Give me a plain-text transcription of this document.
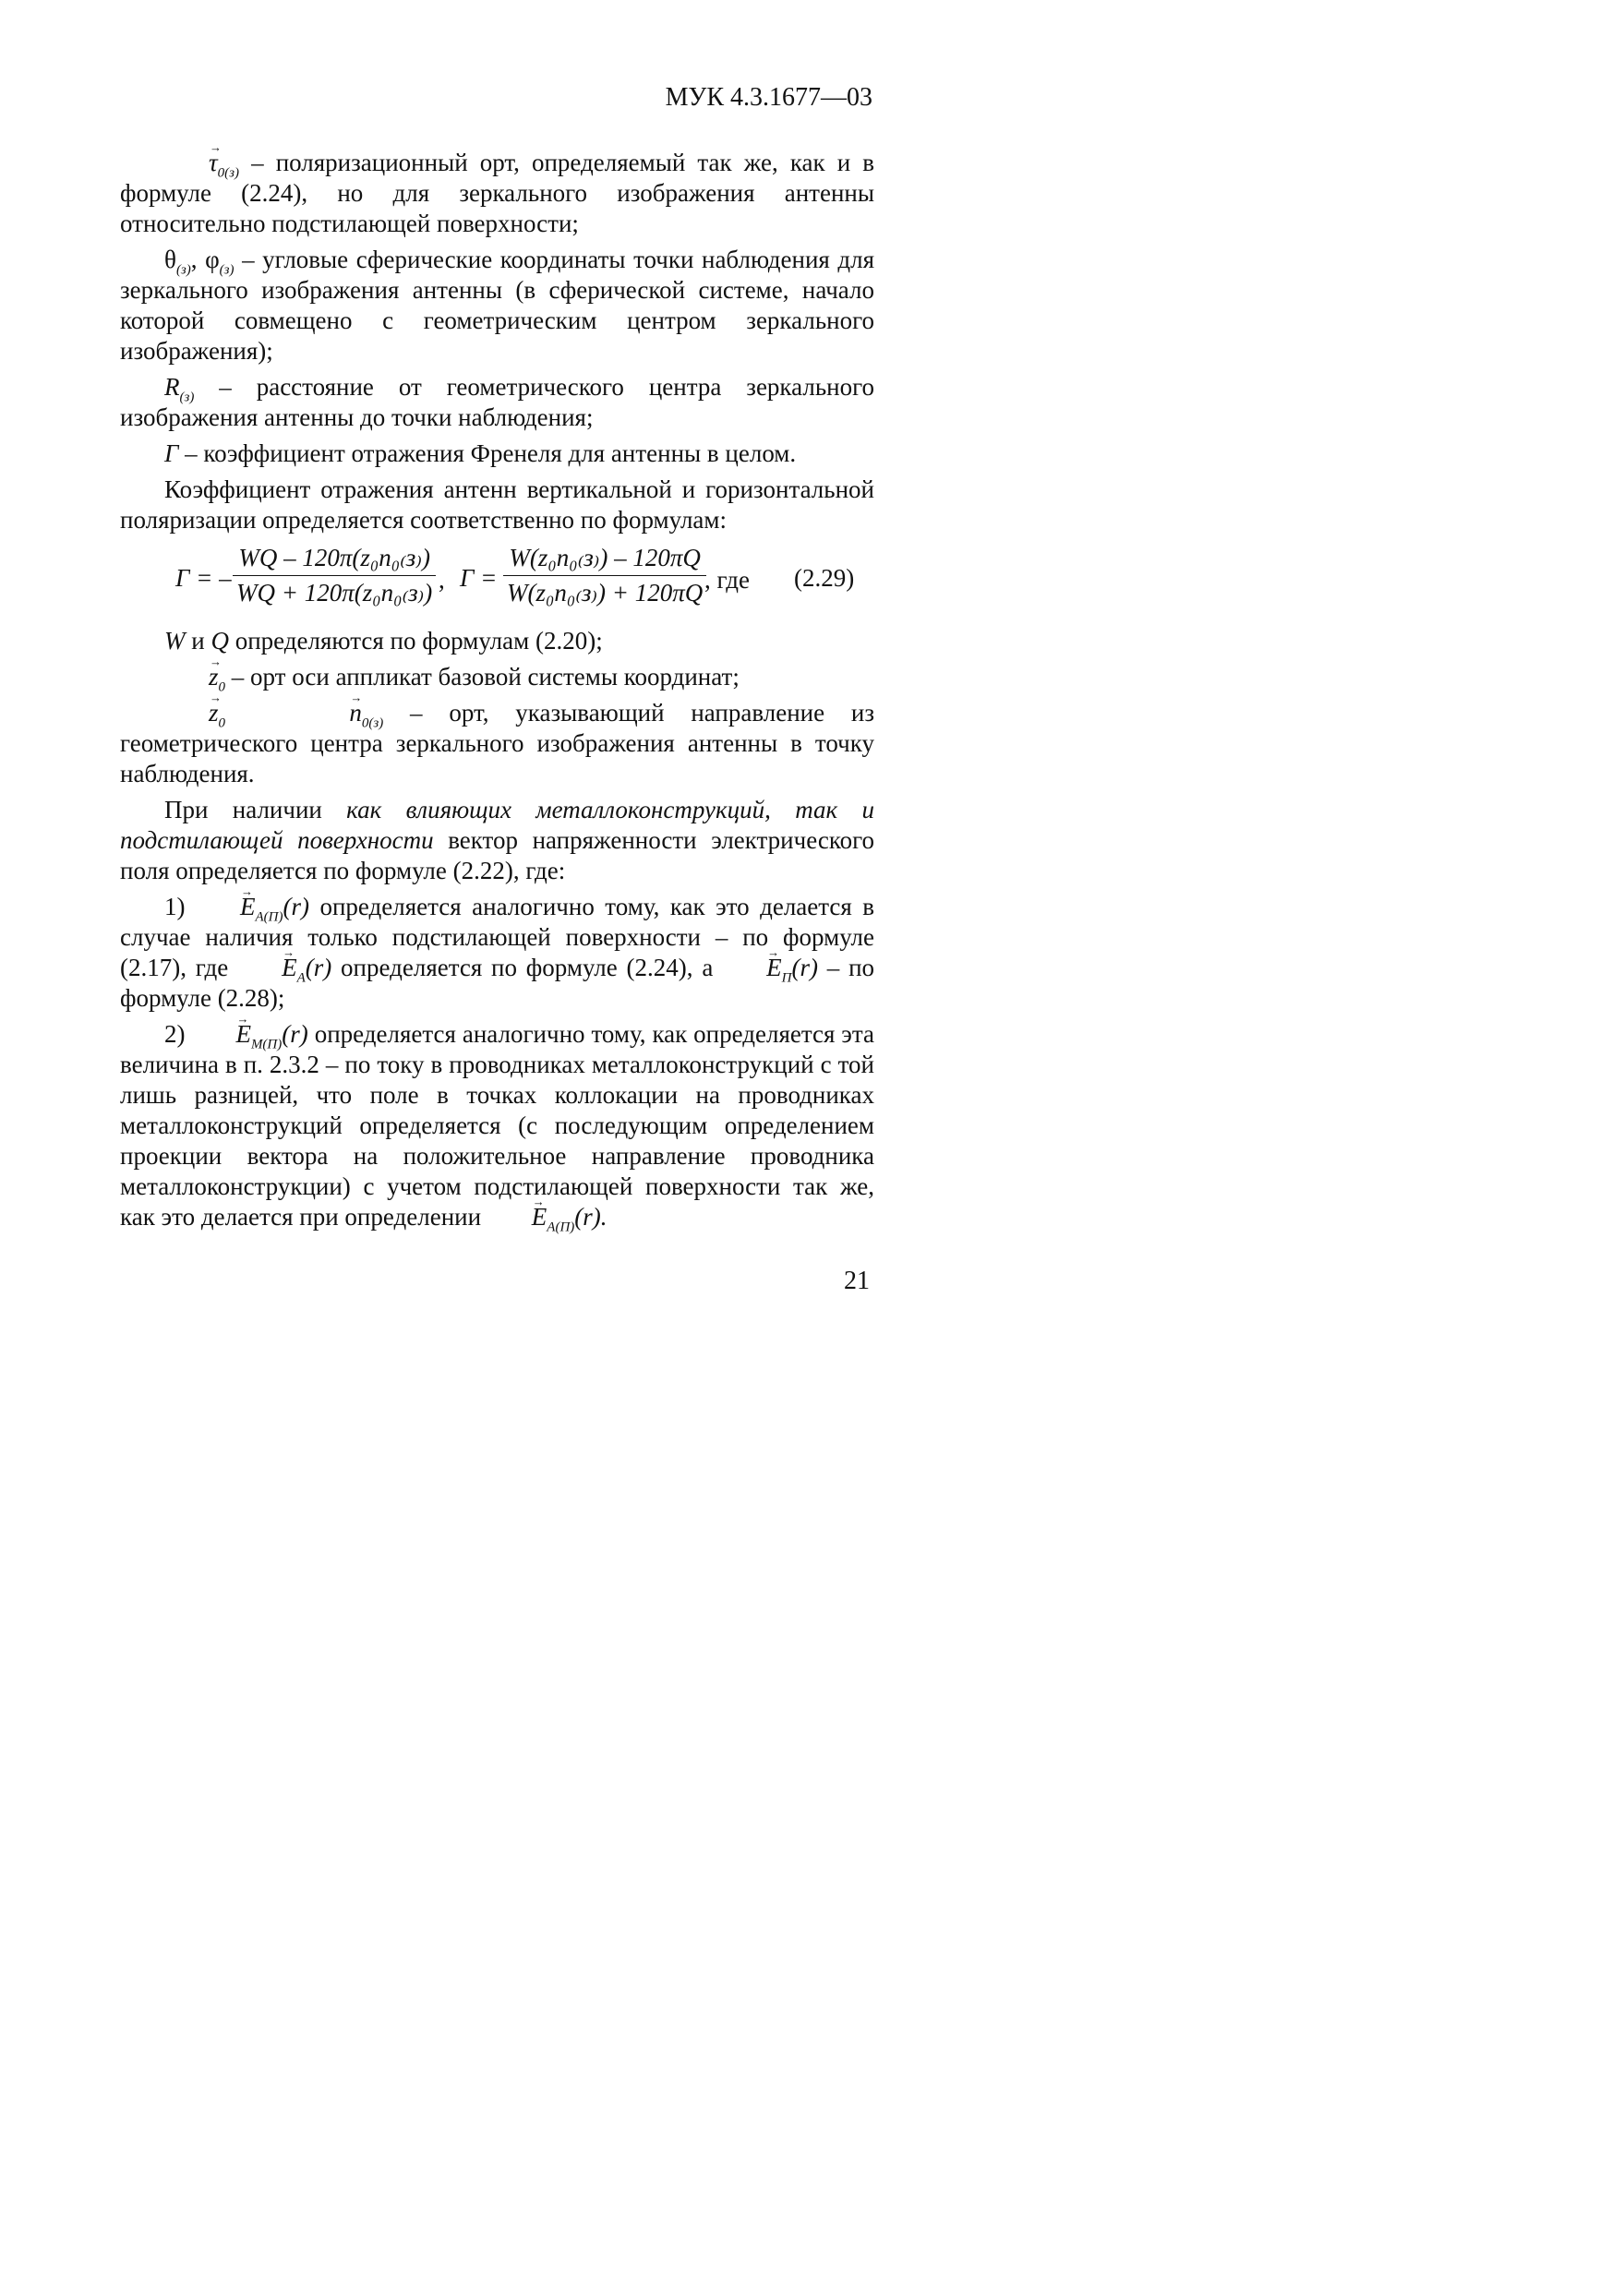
МУК 4.3.1677—03

→ $\tau_{0(з)}$ – поляризационный орт, определяемый так же, как и в формуле (2.24), но для зеркального изображения антенны относительно подстилающей поверхности;

$\theta_{(з)}$, $\varphi_{(з)}$ – угловые сферические координаты точки наблюдения для зеркального изображения антенны (в сферической системе, начало которой совмещено с геометрическим центром зеркального изображения);

$R_{(з)}$ – расстояние от геометрического центра зеркального изображения антенны до точки наблюдения;

Г – коэффициент отражения Френеля для антенны в целом.

Коэффициент отражения антенн вертикальной и горизонтальной поляризации определяется соответственно по формулам:

Г = –
WQ – 120π(z₀n₀₍з₎)
WQ + 120π(z₀n₀₍з₎) , Г =
W(z₀n₀₍з₎) – 120πQ
W(z₀n₀₍з₎) + 120πQ , где (2.29)

W и Q определяются по формулам (2.20);

→ $z_0$ – орт оси аппликат базовой системы координат;

→ $z_0$	→ $n_{0(з)}$ – орт, указывающий направление из геометрического центра зеркального изображения антенны в точку наблюдения.

При наличии как влияющих металлоконструкций, так и подстилающей поверхности вектор напряженности электрического поля определяется по формуле (2.22), где:

$1) \to E_{A(П)}(r)$ определяется аналогично тому, как это делается в случае наличия только подстилающей поверхности – по формуле (2.17), где → $E_A(r)$ определяется по формуле (2.24), $а \to E_П(r)$ – по формуле (2.28);

$2) \to E_{M(П)}(r)$ определяется аналогично тому, как определяется эта величина в п. 2.3.2 – по току в проводниках металлоконструкций с той лишь разницей, что поле в точках коллокации на проводниках металлоконструкций определяется (с последующим определением проекции вектора на положительное направление проводника металлоконструкции) с учетом подстилающей поверхности так же, как это делается при определении → $E_{A(П)}(r)$.

21
